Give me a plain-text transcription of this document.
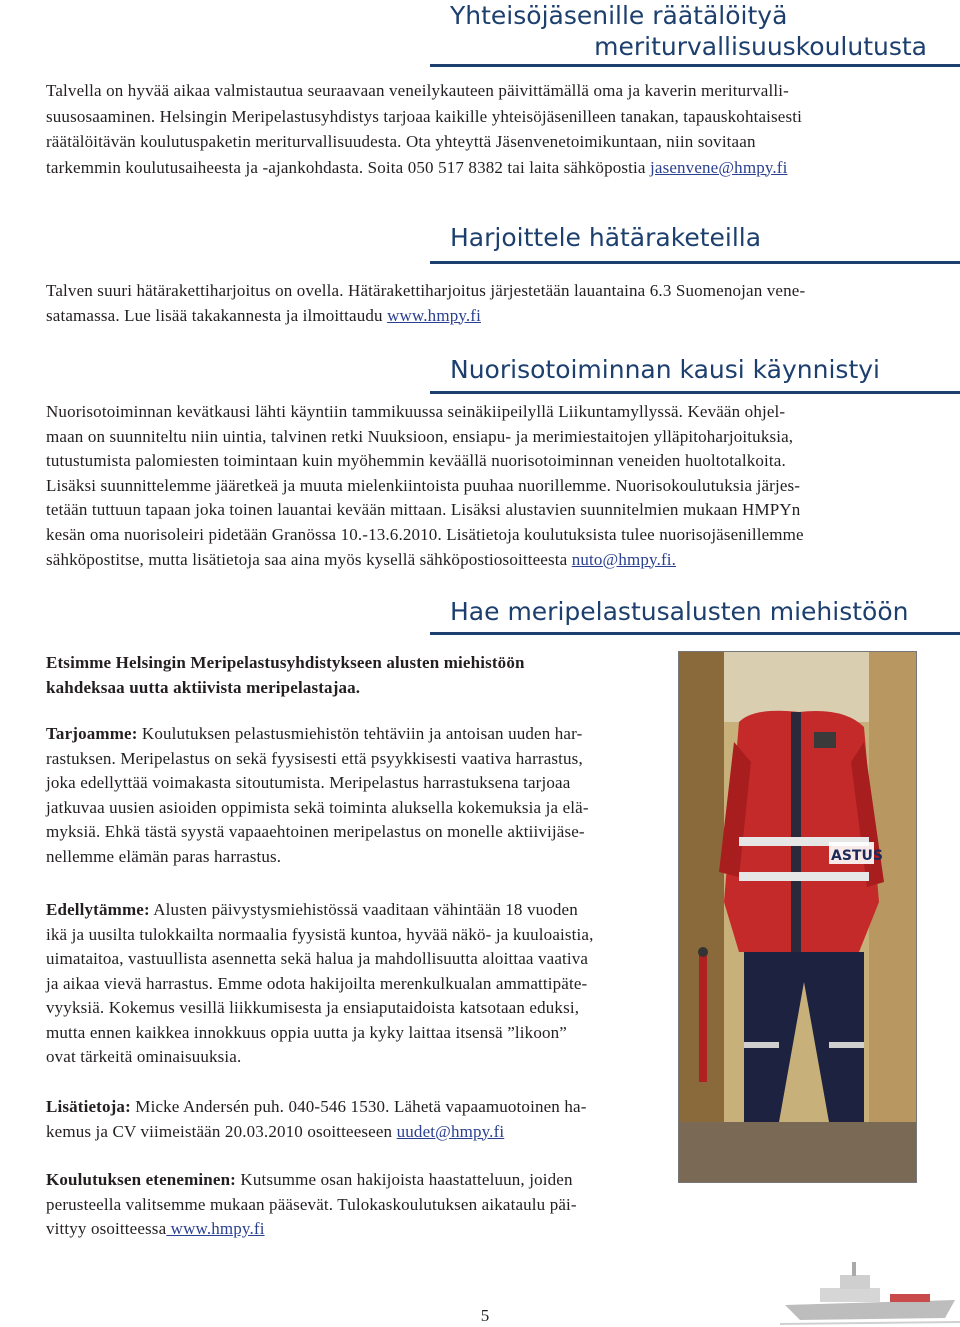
Yhteisöjäsenille räätälöityä
meriturvallisuuskoulutusta

Talvella on hyvää aikaa valmistautua seuraavaan veneilykauteen päivittämällä oma ja kaverin meriturvalli-
suusosaaminen. Helsingin Meripelastusyhdistys tarjoaa kaikille yhteisöjäsenilleen tanakan, tapauskohtaisesti
räätälöitävän koulutuspaketin meriturvallisuudesta. Ota yhteyttä Jäsenvenetoimikuntaan, niin sovitaan
tarkemmin koulutusaiheesta ja -ajankohdasta. Soita 050 517 8382 tai laita sähköpostia jasenvene@hmpy.fi

Harjoittele hätäraketeilla

Talven suuri hätärakettiharjoitus on ovella. Hätärakettiharjoitus järjestetään lauantaina 6.3 Suomenojan vene-
satamassa. Lue lisää takakannesta ja ilmoittaudu www.hmpy.fi

Nuorisotoiminnan kausi käynnistyi

Nuorisotoiminnan kevätkausi lähti käyntiin tammikuussa seinäkiipeilyllä Liikuntamyllyssä. Kevään ohjel-
maan on suunniteltu niin uintia, talvinen retki Nuuksioon, ensiapu- ja merimiestaitojen ylläpitoharjoituksia,
tutustumista palomiesten toimintaan kuin myöhemmin keväällä nuorisotoiminnan veneiden huoltotalkoita.
Lisäksi suunnittelemme jääretkeä ja muuta mielenkiintoista puuhaa nuorillemme. Nuorisokoulutuksia järjes-
tetään tuttuun tapaan joka toinen lauantai kevään mittaan. Lisäksi alustavien suunnitelmien mukaan HMPYn
kesän oma nuorisoleiri pidetään Granössa 10.-13.6.2010. Lisätietoja koulutuksista tulee nuorisojäsenillemme
sähköpostitse, mutta lisätietoja saa aina myös kysellä sähköpostiosoitteesta nuto@hmpy.fi.

Hae meripelastusalusten miehistöön

Etsimme Helsingin Meripelastusyhdistykseen alusten miehistöön
kahdeksaa uutta aktiivista meripelastajaa.

Tarjoamme: Koulutuksen pelastusmiehistön tehtäviin ja antoisan uuden har-
rastuksen. Meripelastus on sekä fyysisesti että psyykkisesti vaativa harrastus,
joka edellyttää voimakasta sitoutumista. Meripelastus harrastuksena tarjoaa
jatkuvaa uusien asioiden oppimista sekä toiminta aluksella kokemuksia ja elä-
myksiä. Ehkä tästä syystä vapaaehtoinen meripelastus on monelle aktiivijäse-
nellemme elämän paras harrastus.

Edellytämme: Alusten päivystysmiehistössä vaaditaan vähintään 18 vuoden
ikä ja uusilta tulokkailta normaalia fyysistä kuntoa, hyvää näkö- ja kuuloaistia,
uimataitoa, vastuullista asennetta sekä halua ja mahdollisuutta aloittaa vaativa
ja aikaa vievä harrastus. Emme odota hakijoilta merenkulkualan ammattipäte-
vyyksiä. Kokemus vesillä liikkumisesta ja ensiaputaidoista katsotaan eduksi,
mutta ennen kaikkea innokkuus oppia uutta ja kyky laittaa itsensä ”likoon”
ovat tärkeitä ominaisuuksia.

Lisätietoja: Micke Andersén puh. 040-546 1530. Lähetä vapaamuotoinen ha-
kemus ja CV viimeistään 20.03.2010 osoitteeseen uudet@hmpy.fi

Koulutuksen eteneminen: Kutsumme osan hakijoista haastatteluun, joiden
perusteella valitsemme mukaan pääsevät. Tulokaskoulutuksen aikataulu päi-
vittyy osoitteessa www.hmpy.fi

ASTUS
5
